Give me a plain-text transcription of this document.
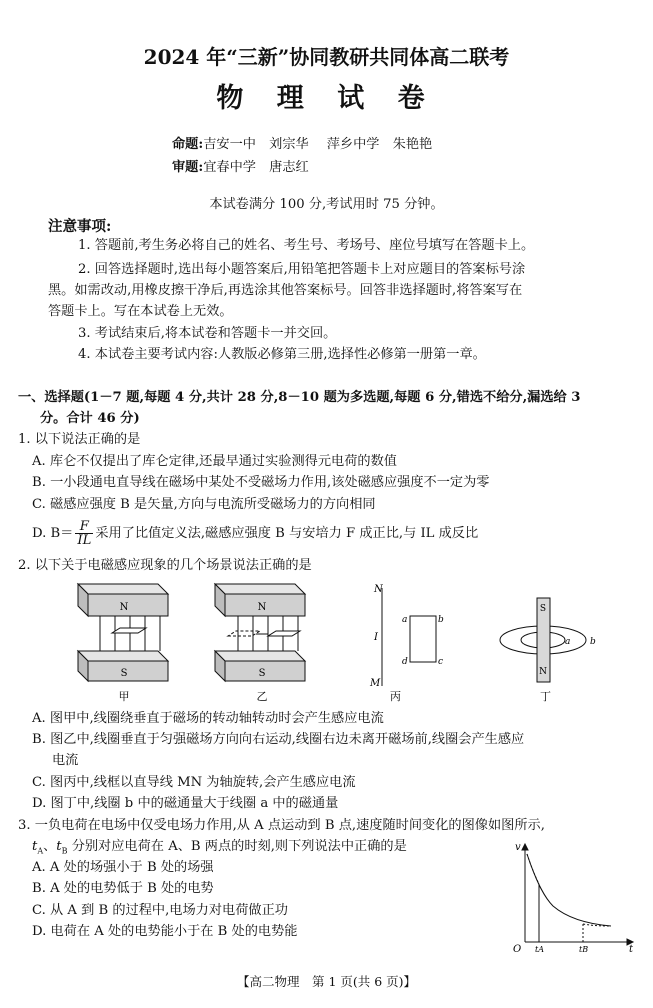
2024 年“三新”协同教研共同体高二联考
物 理 试 卷
命题:吉安一中　刘宗华 萍乡中学　朱艳艳
审题:宜春中学　唐志红
本试卷满分 100 分,考试用时 75 分钟。
注意事项:
1. 答题前,考生务必将自己的姓名、考生号、考场号、座位号填写在答题卡上。
2. 回答选择题时,选出每小题答案后,用铅笔把答题卡上对应题目的答案标号涂
黑。如需改动,用橡皮擦干净后,再选涂其他答案标号。回答非选择题时,将答案写在
答题卡上。写在本试卷上无效。
3. 考试结束后,将本试卷和答题卡一并交回。
4. 本试卷主要考试内容:人教版必修第三册,选择性必修第一册第一章。
一、选择题(1－7 题,每题 4 分,共计 28 分,8－10 题为多选题,每题 6 分,错选不给分,漏选给 3
分。合计 46 分)
1. 以下说法正确的是
A. 库仑不仅提出了库仑定律,还最早通过实验测得元电荷的数值
B. 一小段通电直导线在磁场中某处不受磁场力作用,该处磁感应强度不一定为零
C. 磁感应强度 B 是矢量,方向与电流所受磁场力的方向相同
D. $B= \frac{F}{IL}$ 采用了比值定义法,磁感应强度 B 与安培力 F 成正比,与 IL 成反比
2. 以下关于电磁感应现象的几个场景说法正确的是
N
S
甲
N
S
乙
N
M
I
a	b
c
d
丙
S
N
a b
丁
A. 图甲中,线圈绕垂直于磁场的转动轴转动时会产生感应电流
B. 图乙中,线圈垂直于匀强磁场方向向右运动,线圈右边未离开磁场前,线圈会产生感应
电流
C. 图丙中,线框以直导线 MN 为轴旋转,会产生感应电流
D. 图丁中,线圈 b 中的磁通量大于线圈 a 中的磁通量
3. 一负电荷在电场中仅受电场力作用,从 A 点运动到 B 点,速度随时间变化的图像如图所示,
$t_A$、$t_B$ 分别对应电荷在 A、B 两点的时刻,则下列说法中正确的是
A. A 处的场强小于 B 处的场强
B. A 处的电势低于 B 处的电势
C. 从 A 到 B 的过程中,电场力对电荷做正功
D. 电荷在 A 处的电势能小于在 B 处的电势能
v
t
O tA	tB
【高二物理　第 1 页(共 6 页)】
